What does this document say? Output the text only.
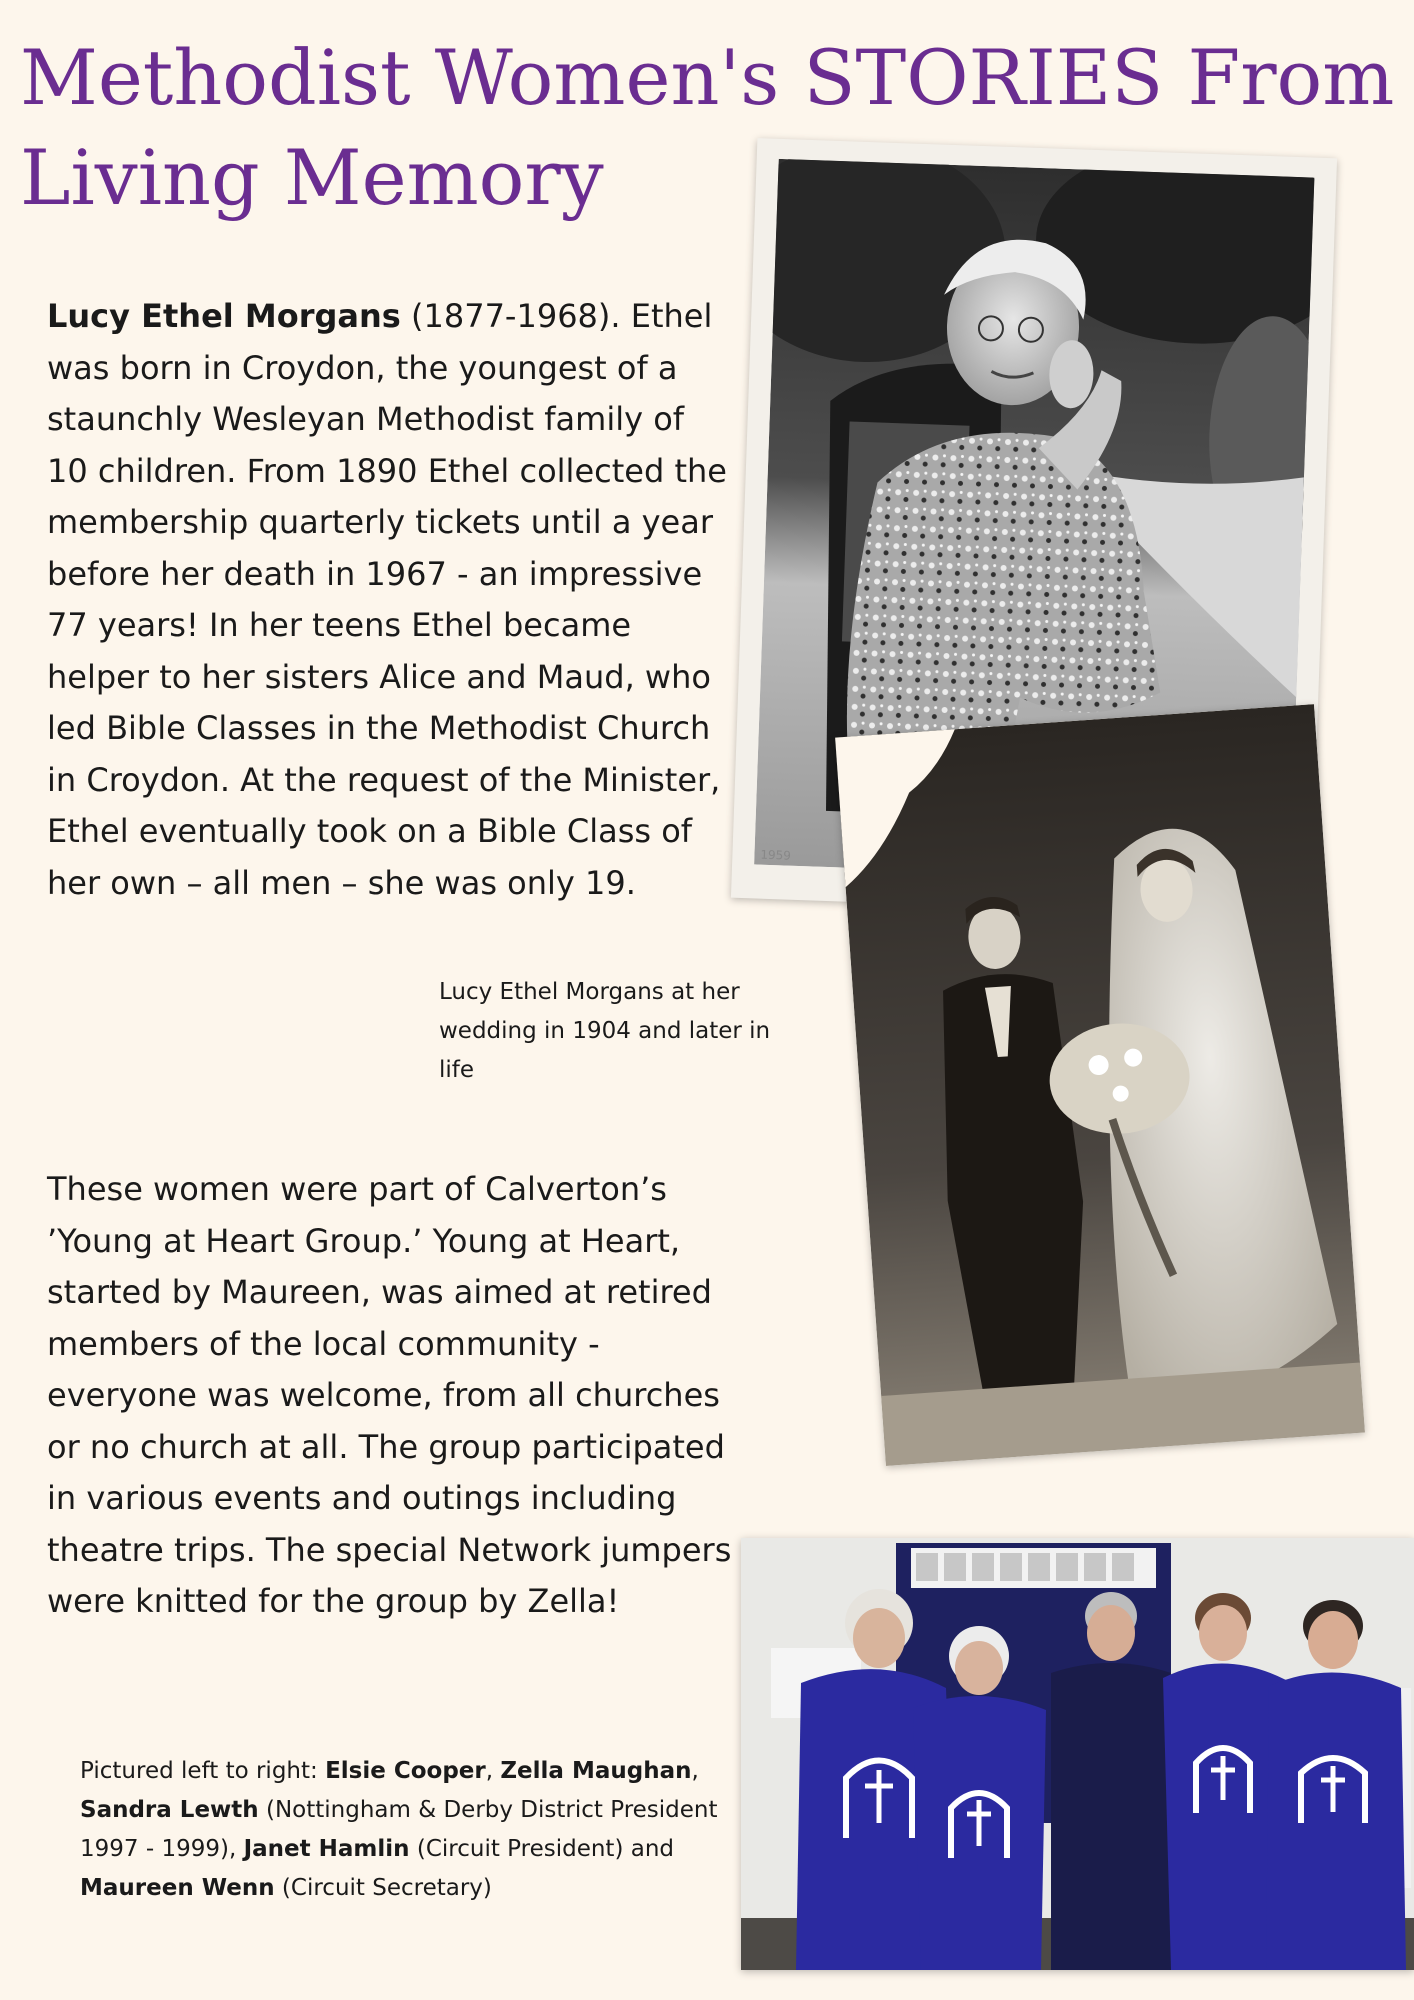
Methodist Women's STORIES From Living Memory

Lucy Ethel Morgans (1877-1968). Ethel was born in Croydon, the youngest of a staunchly Wesleyan Methodist family of 10 children. From 1890 Ethel collected the membership quarterly tickets until a year before her death in 1967 - an impressive 77 years! In her teens Ethel became helper to her sisters Alice and Maud, who led Bible Classes in the Methodist Church in Croydon. At the request of the Minister, Ethel eventually took on a Bible Class of her own – all men – she was only 19.

Lucy Ethel Morgans at her wedding in 1904 and later in life

These women were part of Calverton’s ’Young at Heart Group.’ Young at Heart, started by Maureen, was aimed at retired members of the local community - everyone was welcome, from all churches or no church at all. The group participated in various events and outings including theatre trips. The special Network jumpers were knitted for the group by Zella!

Pictured left to right: Elsie Cooper, Zella Maughan, Sandra Lewth (Nottingham & Derby District President 1997 - 1999), Janet Hamlin (Circuit President) and Maureen Wenn (Circuit Secretary)

1959
